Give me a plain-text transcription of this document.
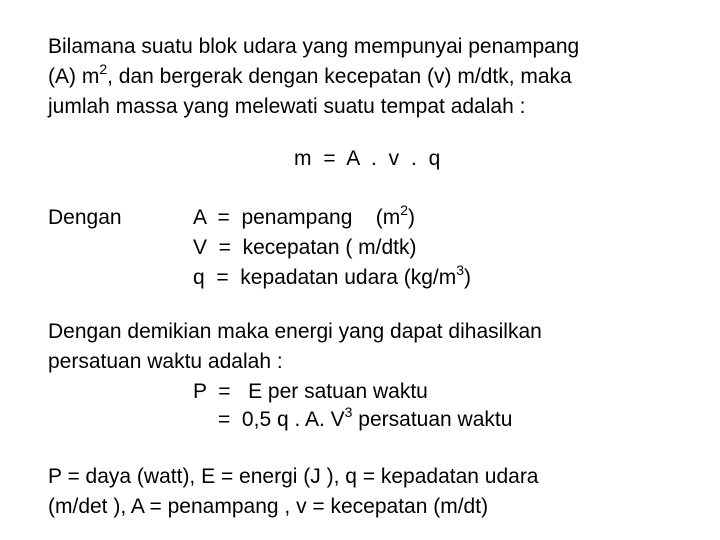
Bilamana suatu blok udara yang mempunyai penampang
(A) $m^2$, dan bergerak dengan kecepatan (v) m/dtk, maka
jumlah massa yang melewati suatu tempat adalah :
m = A . v . q
Dengan	A  =  penampang    $(m^2)$
V  =  kecepatan ( m/dtk)
q  =  kepadatan udara $(kg/m^3)$
Dengan demikian maka energi yang dapat dihasilkan
persatuan waktu adalah :
P  =   E per satuan waktu
=  0,5 q . A. $V^3$ persatuan waktu
P = daya (watt), E = energi (J ), q = kepadatan udara
(m/det ), A = penampang , v = kecepatan (m/dt)
